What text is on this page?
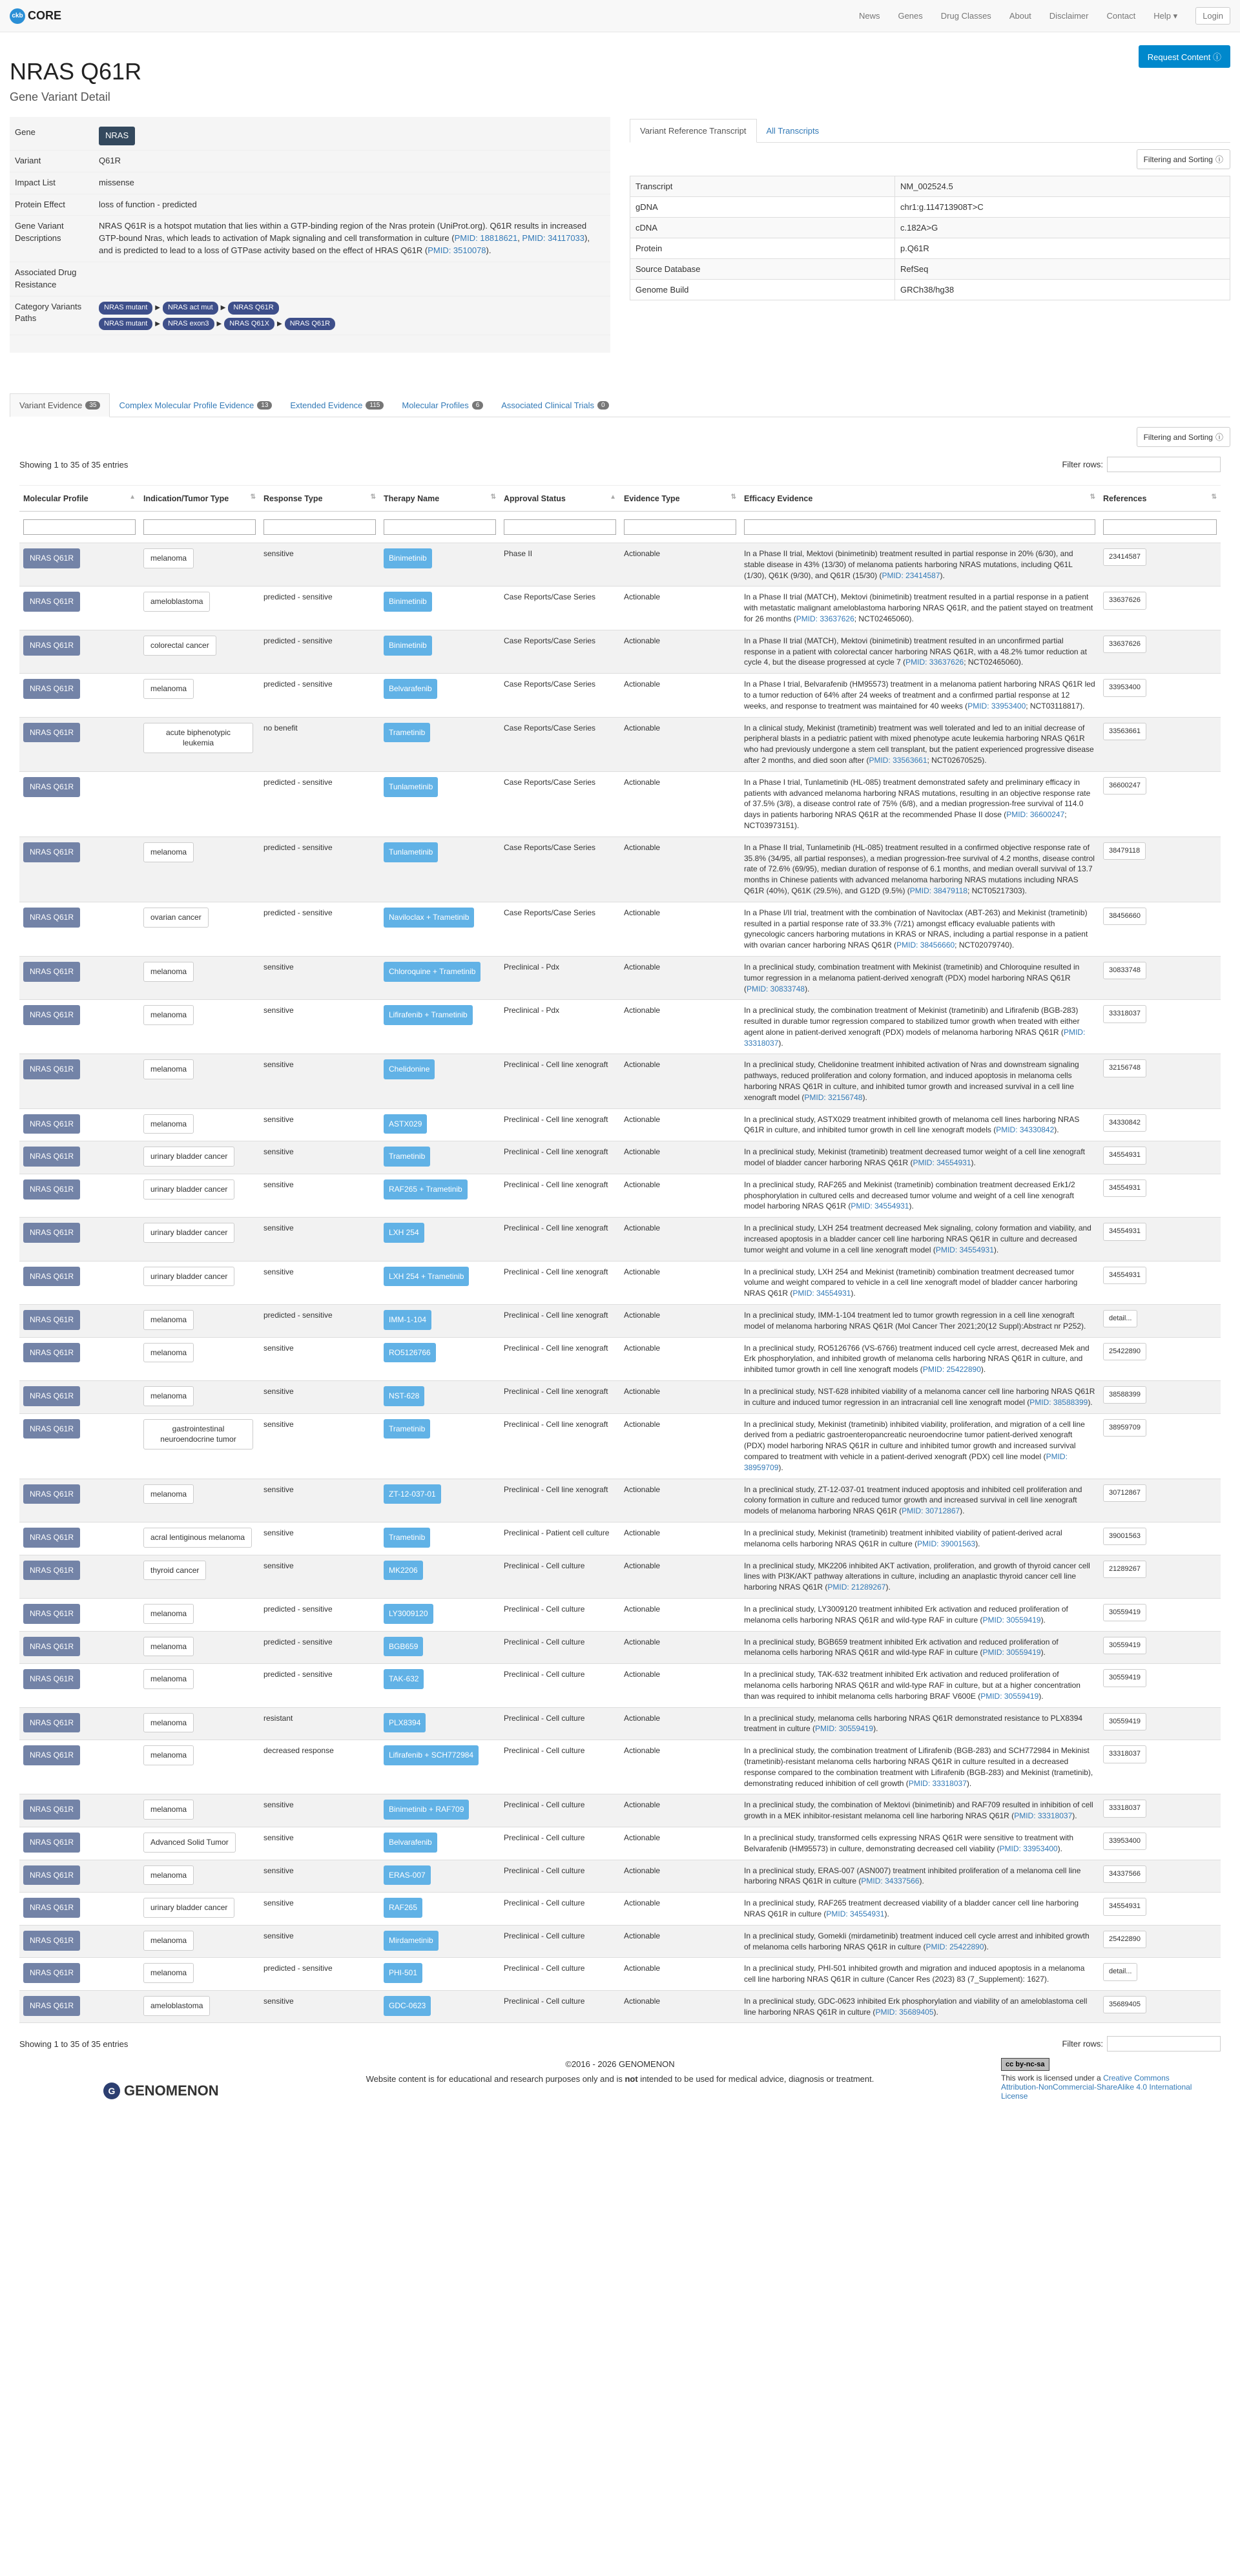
ckb CORE	News Genes Drug Classes About Disclaimer Contact Help ▾	Login
NRAS Q61R
Gene Variant Detail
Request Content ⓘ
Gene	NRAS
Variant	Q61R
Impact List	missense
Protein Effect	loss of function - predicted
Gene Variant Descriptions
NRAS Q61R is a hotspot mutation that lies within a GTP-binding region of the Nras protein (UniProt.org). Q61R results in increased GTP-bound Nras, which leads to activation of Mapk signaling and cell transformation in culture (PMID: 18818621, PMID: 34117033), and is predicted to lead to a loss of GTPase activity based on the effect of HRAS Q61R (PMID: 3510078).
Associated Drug Resistance
Category Variants Paths
NRAS mutant ▶ NRAS act mut ▶ NRAS Q61R
NRAS mutant ▶ NRAS exon3 ▶ NRAS Q61X ▶ NRAS Q61R
Variant Reference Transcript	All Transcripts
Filtering and Sorting ⓘ
Transcript	NM_002524.5
gDNA	chr1:g.114713908T>C
cDNA	c.182A>G
Protein	p.Q61R
Source Database	RefSeq
Genome Build	GRCh38/hg38
Variant Evidence	35	Complex Molecular Profile Evidence	13	Extended Evidence	115	Molecular Profiles	6	Associated Clinical Trials	0
Filtering and Sorting ⓘ
Showing 1 to 35 of 35 entries	Filter rows:
Molecular Profile ▲	Indication/Tumor Type ⇅	Response Type ⇅	Therapy Name ⇅	Approval Status ▲	Evidence Type ⇅	Efficacy Evidence ⇅	References ⇅

NRAS Q61R	melanoma	sensitive	Binimetinib	Phase II	Actionable	In a Phase II trial, Mektovi (binimetinib) treatment resulted in partial response in 20% (6/30), and stable disease in 43% (13/30) of melanoma patients harboring NRAS mutations, including Q61L (1/30), Q61K (9/30), and Q61R (15/30) (PMID: 23414587).	23414587
NRAS Q61R	ameloblastoma	predicted - sensitive	Binimetinib	Case Reports/Case Series	Actionable	In a Phase II trial (MATCH), Mektovi (binimetinib) treatment resulted in a partial response in a patient with metastatic malignant ameloblastoma harboring NRAS Q61R, and the patient stayed on treatment for 26 months (PMID: 33637626; NCT02465060).	33637626
NRAS Q61R	colorectal cancer	predicted - sensitive	Binimetinib	Case Reports/Case Series	Actionable	In a Phase II trial (MATCH), Mektovi (binimetinib) treatment resulted in an unconfirmed partial response in a patient with colorectal cancer harboring NRAS Q61R, with a 48.2% tumor reduction at cycle 4, but the disease progressed at cycle 7 (PMID: 33637626; NCT02465060).	33637626
NRAS Q61R	melanoma	predicted - sensitive	Belvarafenib	Case Reports/Case Series	Actionable	In a Phase I trial, Belvarafenib (HM95573) treatment in a melanoma patient harboring NRAS Q61R led to a tumor reduction of 64% after 24 weeks of treatment and a confirmed partial response at 12 weeks, and response to treatment was maintained for 40 weeks (PMID: 33953400; NCT03118817).	33953400
NRAS Q61R	acute biphenotypic leukemia	no benefit	Trametinib	Case Reports/Case Series	Actionable	In a clinical study, Mekinist (trametinib) treatment was well tolerated and led to an initial decrease of peripheral blasts in a pediatric patient with mixed phenotype acute leukemia harboring NRAS Q61R who had previously undergone a stem cell transplant, but the patient experienced progressive disease after 2 months, and died soon after (PMID: 33563661; NCT02670525).	33563661
NRAS Q61R		predicted - sensitive	Tunlametinib	Case Reports/Case Series	Actionable	In a Phase I trial, Tunlametinib (HL-085) treatment demonstrated safety and preliminary efficacy in patients with advanced melanoma harboring NRAS mutations, resulting in an objective response rate of 37.5% (3/8), a disease control rate of 75% (6/8), and a median progression-free survival of 114.0 days in patients harboring NRAS Q61R at the recommended Phase II dose (PMID: 36600247; NCT03973151).	36600247
NRAS Q61R	melanoma	predicted - sensitive	Tunlametinib	Case Reports/Case Series	Actionable	In a Phase II trial, Tunlametinib (HL-085) treatment resulted in a confirmed objective response rate of 35.8% (34/95, all partial responses), a median progression-free survival of 4.2 months, disease control rate of 72.6% (69/95), median duration of response of 6.1 months, and median overall survival of 13.7 months in Chinese patients with advanced melanoma harboring NRAS mutations including NRAS Q61R (40%), Q61K (29.5%), and G12D (9.5%) (PMID: 38479118; NCT05217303).	38479118
NRAS Q61R	ovarian cancer	predicted - sensitive	Naviloclax + Trametinib	Case Reports/Case Series	Actionable	In a Phase I/II trial, treatment with the combination of Navitoclax (ABT-263) and Mekinist (trametinib) resulted in a partial response rate of 33.3% (7/21) amongst efficacy evaluable patients with gynecologic cancers harboring mutations in KRAS or NRAS, including a partial response in a patient with ovarian cancer harboring NRAS Q61R (PMID: 38456660; NCT02079740).	38456660
NRAS Q61R	melanoma	sensitive	Chloroquine + Trametinib	Preclinical - Pdx	Actionable	In a preclinical study, combination treatment with Mekinist (trametinib) and Chloroquine resulted in tumor regression in a melanoma patient-derived xenograft (PDX) model harboring NRAS Q61R (PMID: 30833748).	30833748
NRAS Q61R	melanoma	sensitive	Lifirafenib + Trametinib	Preclinical - Pdx	Actionable	In a preclinical study, the combination treatment of Mekinist (trametinib) and Lifirafenib (BGB-283) resulted in durable tumor regression compared to stabilized tumor growth when treated with either agent alone in patient-derived xenograft (PDX) models of melanoma harboring NRAS Q61R (PMID: 33318037).	33318037
NRAS Q61R	melanoma	sensitive	Chelidonine	Preclinical - Cell line xenograft	Actionable	In a preclinical study, Chelidonine treatment inhibited activation of Nras and downstream signaling pathways, reduced proliferation and colony formation, and induced apoptosis in melanoma cells harboring NRAS Q61R in culture, and inhibited tumor growth and increased survival in a cell line xenograft model (PMID: 32156748).	32156748
NRAS Q61R	melanoma	sensitive	ASTX029	Preclinical - Cell line xenograft	Actionable	In a preclinical study, ASTX029 treatment inhibited growth of melanoma cell lines harboring NRAS Q61R in culture, and inhibited tumor growth in cell line xenograft models (PMID: 34330842).	34330842
NRAS Q61R	urinary bladder cancer	sensitive	Trametinib	Preclinical - Cell line xenograft	Actionable	In a preclinical study, Mekinist (trametinib) treatment decreased tumor weight of a cell line xenograft model of bladder cancer harboring NRAS Q61R (PMID: 34554931).	34554931
NRAS Q61R	urinary bladder cancer	sensitive	RAF265 + Trametinib	Preclinical - Cell line xenograft	Actionable	In a preclinical study, RAF265 and Mekinist (trametinib) combination treatment decreased Erk1/2 phosphorylation in cultured cells and decreased tumor volume and weight of a cell line xenograft model harboring NRAS Q61R (PMID: 34554931).	34554931
NRAS Q61R	urinary bladder cancer	sensitive	LXH 254	Preclinical - Cell line xenograft	Actionable	In a preclinical study, LXH 254 treatment decreased Mek signaling, colony formation and viability, and increased apoptosis in a bladder cancer cell line harboring NRAS Q61R in culture and decreased tumor weight and volume in a cell line xenograft model (PMID: 34554931).	34554931
NRAS Q61R	urinary bladder cancer	sensitive	LXH 254 + Trametinib	Preclinical - Cell line xenograft	Actionable	In a preclinical study, LXH 254 and Mekinist (trametinib) combination treatment decreased tumor volume and weight compared to vehicle in a cell line xenograft model of bladder cancer harboring NRAS Q61R (PMID: 34554931).	34554931
NRAS Q61R	melanoma	predicted - sensitive	IMM-1-104	Preclinical - Cell line xenograft	Actionable	In a preclinical study, IMM-1-104 treatment led to tumor growth regression in a cell line xenograft model of melanoma harboring NRAS Q61R (Mol Cancer Ther 2021;20(12 Suppl):Abstract nr P252).	detail...
NRAS Q61R	melanoma	sensitive	RO5126766	Preclinical - Cell line xenograft	Actionable	In a preclinical study, RO5126766 (VS-6766) treatment induced cell cycle arrest, decreased Mek and Erk phosphorylation, and inhibited growth of melanoma cells harboring NRAS Q61R in culture, and inhibited tumor growth in cell line xenograft models (PMID: 25422890).	25422890
NRAS Q61R	melanoma	sensitive	NST-628	Preclinical - Cell line xenograft	Actionable	In a preclinical study, NST-628 inhibited viability of a melanoma cancer cell line harboring NRAS Q61R in culture and induced tumor regression in an intracranial cell line xenograft model (PMID: 38588399).	38588399
NRAS Q61R	gastrointestinal neuroendocrine tumor	sensitive	Trametinib	Preclinical - Cell line xenograft	Actionable	In a preclinical study, Mekinist (trametinib) inhibited viability, proliferation, and migration of a cell line derived from a pediatric gastroenteropancreatic neuroendocrine tumor patient-derived xenograft (PDX) model harboring NRAS Q61R in culture and inhibited tumor growth and increased survival compared to treatment with vehicle in a patient-derived xenograft (PDX) cell line model (PMID: 38959709).	38959709
NRAS Q61R	melanoma	sensitive	ZT-12-037-01	Preclinical - Cell line xenograft	Actionable	In a preclinical study, ZT-12-037-01 treatment induced apoptosis and inhibited cell proliferation and colony formation in culture and reduced tumor growth and increased survival in cell line xenograft models of melanoma harboring NRAS Q61R (PMID: 30712867).	30712867
NRAS Q61R	acral lentiginous melanoma	sensitive	Trametinib	Preclinical - Patient cell culture	Actionable	In a preclinical study, Mekinist (trametinib) treatment inhibited viability of patient-derived acral melanoma cells harboring NRAS Q61R in culture (PMID: 39001563).	39001563
NRAS Q61R	thyroid cancer	sensitive	MK2206	Preclinical - Cell culture	Actionable	In a preclinical study, MK2206 inhibited AKT activation, proliferation, and growth of thyroid cancer cell lines with PI3K/AKT pathway alterations in culture, including an anaplastic thyroid cancer cell line harboring NRAS Q61R (PMID: 21289267).	21289267
NRAS Q61R	melanoma	predicted - sensitive	LY3009120	Preclinical - Cell culture	Actionable	In a preclinical study, LY3009120 treatment inhibited Erk activation and reduced proliferation of melanoma cells harboring NRAS Q61R and wild-type RAF in culture (PMID: 30559419).	30559419
NRAS Q61R	melanoma	predicted - sensitive	BGB659	Preclinical - Cell culture	Actionable	In a preclinical study, BGB659 treatment inhibited Erk activation and reduced proliferation of melanoma cells harboring NRAS Q61R and wild-type RAF in culture (PMID: 30559419).	30559419
NRAS Q61R	melanoma	predicted - sensitive	TAK-632	Preclinical - Cell culture	Actionable	In a preclinical study, TAK-632 treatment inhibited Erk activation and reduced proliferation of melanoma cells harboring NRAS Q61R and wild-type RAF in culture, but at a higher concentration than was required to inhibit melanoma cells harboring BRAF V600E (PMID: 30559419).	30559419
NRAS Q61R	melanoma	resistant	PLX8394	Preclinical - Cell culture	Actionable	In a preclinical study, melanoma cells harboring NRAS Q61R demonstrated resistance to PLX8394 treatment in culture (PMID: 30559419).	30559419
NRAS Q61R	melanoma	decreased response	Lifirafenib + SCH772984	Preclinical - Cell culture	Actionable	In a preclinical study, the combination treatment of Lifirafenib (BGB-283) and SCH772984 in Mekinist (trametinib)-resistant melanoma cells harboring NRAS Q61R in culture resulted in a decreased response compared to the combination treatment with Lifirafenib (BGB-283) and Mekinist (trametinib), demonstrating reduced inhibition of cell growth (PMID: 33318037).	33318037
NRAS Q61R	melanoma	sensitive	Binimetinib + RAF709	Preclinical - Cell culture	Actionable	In a preclinical study, the combination of Mektovi (binimetinib) and RAF709 resulted in inhibition of cell growth in a MEK inhibitor-resistant melanoma cell line harboring NRAS Q61R (PMID: 33318037).	33318037
NRAS Q61R	Advanced Solid Tumor	sensitive	Belvarafenib	Preclinical - Cell culture	Actionable	In a preclinical study, transformed cells expressing NRAS Q61R were sensitive to treatment with Belvarafenib (HM95573) in culture, demonstrating decreased cell viability (PMID: 33953400).	33953400
NRAS Q61R	melanoma	sensitive	ERAS-007	Preclinical - Cell culture	Actionable	In a preclinical study, ERAS-007 (ASN007) treatment inhibited proliferation of a melanoma cell line harboring NRAS Q61R in culture (PMID: 34337566).	34337566
NRAS Q61R	urinary bladder cancer	sensitive	RAF265	Preclinical - Cell culture	Actionable	In a preclinical study, RAF265 treatment decreased viability of a bladder cancer cell line harboring NRAS Q61R in culture (PMID: 34554931).	34554931
NRAS Q61R	melanoma	sensitive	Mirdametinib	Preclinical - Cell culture	Actionable	In a preclinical study, Gomekli (mirdametinib) treatment induced cell cycle arrest and inhibited growth of melanoma cells harboring NRAS Q61R in culture (PMID: 25422890).	25422890
NRAS Q61R	melanoma	predicted - sensitive	PHI-501	Preclinical - Cell culture	Actionable	In a preclinical study, PHI-501 inhibited growth and migration and induced apoptosis in a melanoma cell line harboring NRAS Q61R in culture (Cancer Res (2023) 83 (7_Supplement): 1627).	detail...
NRAS Q61R	ameloblastoma	sensitive	GDC-0623	Preclinical - Cell culture	Actionable	In a preclinical study, GDC-0623 inhibited Erk phosphorylation and viability of an ameloblastoma cell line harboring NRAS Q61R in culture (PMID: 35689405).	35689405
Showing 1 to 35 of 35 entries	Filter rows:
©2016 - 2026 GENOMENON
Website content is for educational and research purposes only and is not intended to be used for medical advice, diagnosis or treatment.
G GENOMENON
cc by-nc-sa
This work is licensed under a Creative Commons Attribution-NonCommercial-ShareAlike 4.0 International License
